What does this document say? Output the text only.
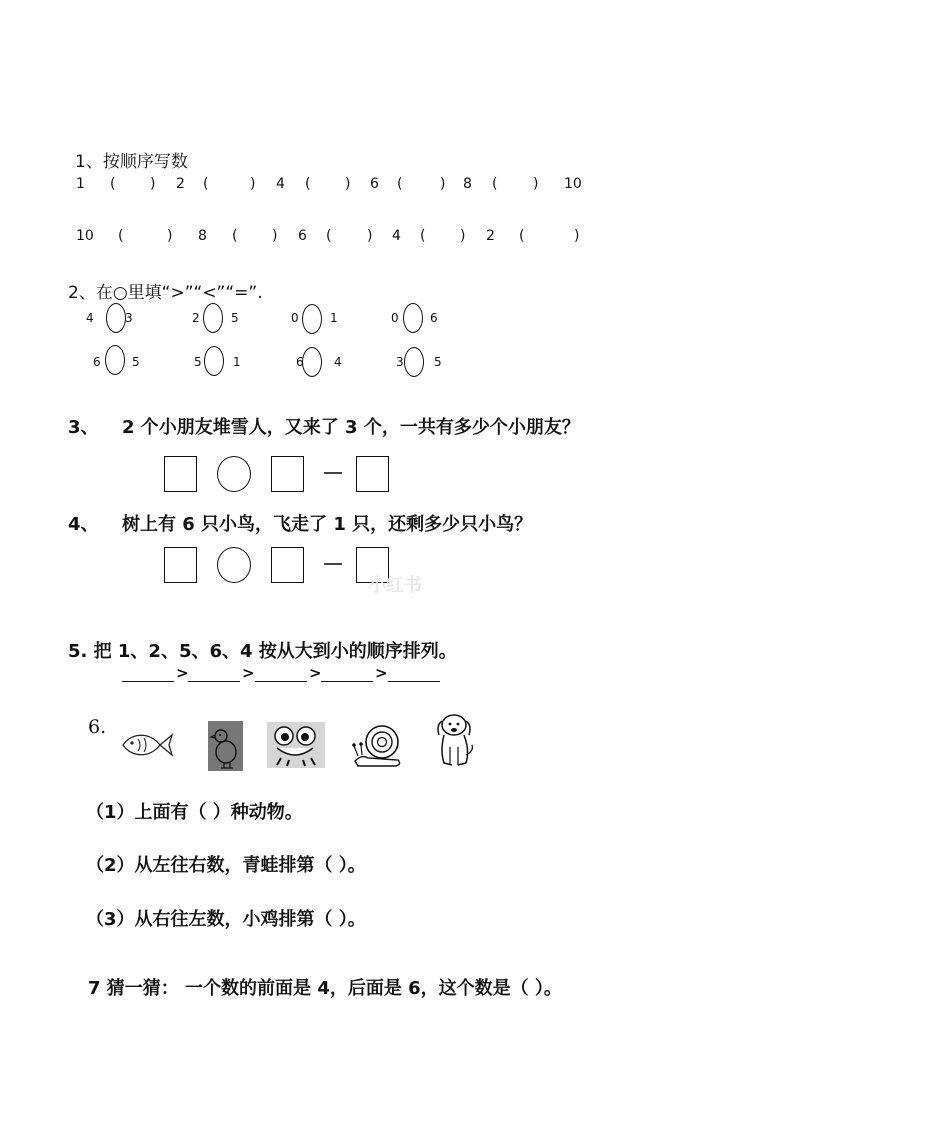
1、按顺序写数
1 ( ) 2 (	) 4 ( ) 6 (	) 8 (	) 10
10 (	) 8 ( ) 6 (	) 4 ( ) 2 (	)
2、在○里填“>”“<”“=”.
4	3	2	5	0	1	0	6
6	5	5	1	6	4	3	5
3、 2 个小朋友堆雪人，又来了 3 个，一共有多少个小朋友？
4、 树上有 6 只小鸟，飞走了 1 只，还剩多少只小鸟？
小红书
5. 把 1、2、5、6、4 按从大到小的顺序排列。
>	>	>	>
6.
（1）上面有（ ）种动物。
（2）从左往右数，青蛙排第（ ）。
（3）从右往左数，小鸡排第（ ）。
7 猜一猜： 一个数的前面是 4，后面是 6，这个数是（ ）。
